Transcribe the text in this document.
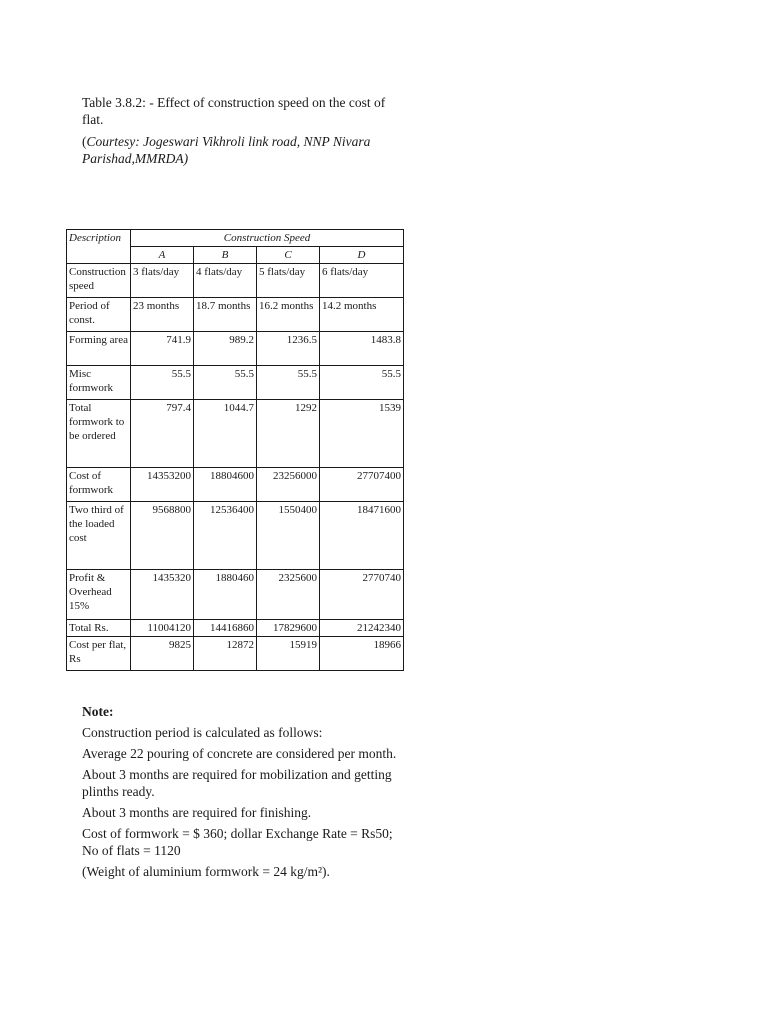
Table 3.8.2: - Effect of construction speed on the cost of flat.

(Courtesy: Jogeswari Vikhroli link road, NNP Nivara Parishad,MMRDA)

Description	Construction Speed			
	A	B	C	D
Construction speed	3 flats/day	4 flats/day	5 flats/day	6 flats/day
Period of const.	23 months	18.7 months	16.2 months	14.2 months
Forming area	741.9	989.2	1236.5	1483.8
Misc formwork	55.5	55.5	55.5	55.5
Total formwork to be ordered	797.4	1044.7	1292	1539
Cost of formwork	14353200	18804600	23256000	27707400
Two third of the loaded cost	9568800	12536400	1550400	18471600
Profit & Overhead 15%	1435320	1880460	2325600	2770740
Total Rs.	11004120	14416860	17829600	21242340
Cost per flat, Rs	9825	12872	15919	18966

Note:

Construction period is calculated as follows:

Average 22 pouring of concrete are considered per month.

About 3 months are required for mobilization and getting plinths ready.

About 3 months are required for finishing.

Cost of formwork = $ 360; dollar Exchange Rate = Rs50; No of flats = 1120

(Weight of aluminium formwork = 24 kg/m²).
